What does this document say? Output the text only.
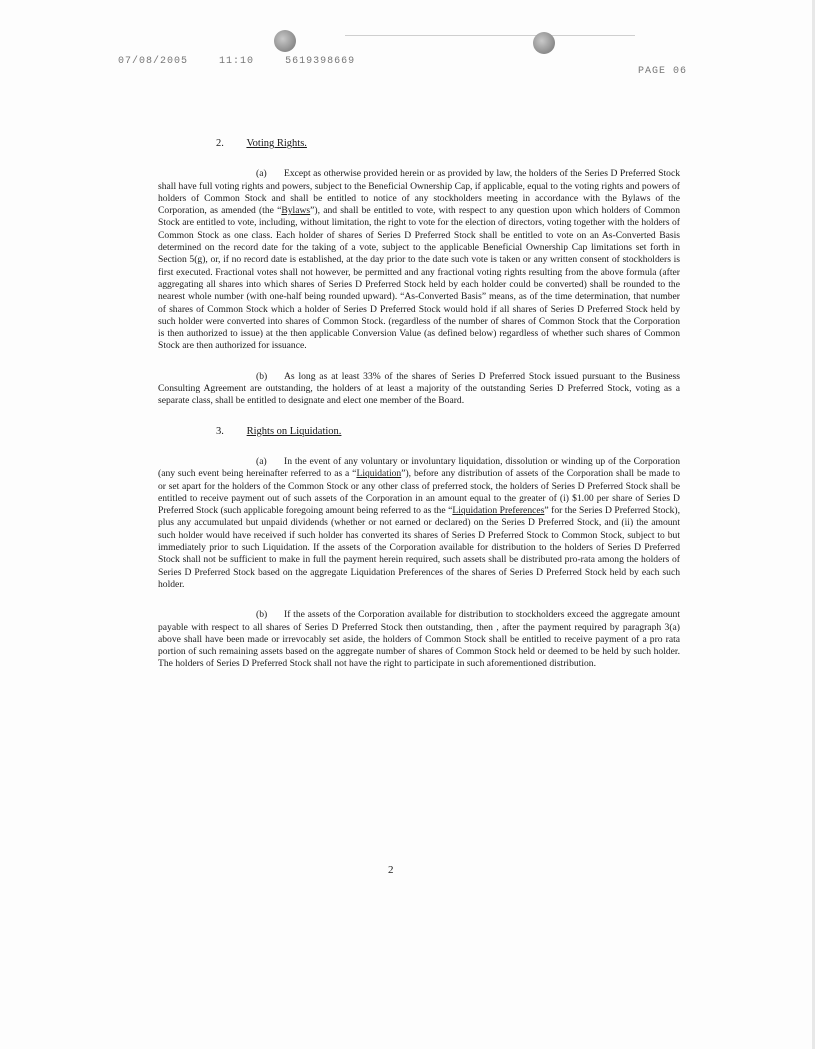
07/08/2005	11:10	5619398669
PAGE 06
2. Voting Rights.

(a) Except as otherwise provided herein or as provided by law, the holders of the Series D Preferred Stock shall have full voting rights and powers, subject to the Beneficial Ownership Cap, if applicable, equal to the voting rights and powers of holders of Common Stock and shall be entitled to notice of any stockholders meeting in accordance with the Bylaws of the Corporation, as amended (the “Bylaws”), and shall be entitled to vote, with respect to any question upon which holders of Common Stock are entitled to vote, including, without limitation, the right to vote for the election of directors, voting together with the holders of Common Stock as one class. Each holder of shares of Series D Preferred Stock shall be entitled to vote on an As-Converted Basis determined on the record date for the taking of a vote, subject to the applicable Beneficial Ownership Cap limitations set forth in Section 5(g), or, if no record date is established, at the day prior to the date such vote is taken or any written consent of stockholders is first executed. Fractional votes shall not however, be permitted and any fractional voting rights resulting from the above formula (after aggregating all shares into which shares of Series D Preferred Stock held by each holder could be converted) shall be rounded to the nearest whole number (with one-half being rounded upward). “As-Converted Basis” means, as of the time determination, that number of shares of Common Stock which a holder of Series D Preferred Stock would hold if all shares of Series D Preferred Stock held by such holder were converted into shares of Common Stock. (regardless of the number of shares of Common Stock that the Corporation is then authorized to issue) at the then applicable Conversion Value (as defined below) regardless of whether such shares of Common Stock are then authorized for issuance.

(b) As long as at least 33% of the shares of Series D Preferred Stock issued pursuant to the Business Consulting Agreement are outstanding, the holders of at least a majority of the outstanding Series D Preferred Stock, voting as a separate class, shall be entitled to designate and elect one member of the Board.

3. Rights on Liquidation.

(a) In the event of any voluntary or involuntary liquidation, dissolution or winding up of the Corporation (any such event being hereinafter referred to as a “Liquidation”), before any distribution of assets of the Corporation shall be made to or set apart for the holders of the Common Stock or any other class of preferred stock, the holders of Series D Preferred Stock shall be entitled to receive payment out of such assets of the Corporation in an amount equal to the greater of (i) $1.00 per share of Series D Preferred Stock (such applicable foregoing amount being referred to as the “Liquidation Preferences” for the Series D Preferred Stock), plus any accumulated but unpaid dividends (whether or not earned or declared) on the Series D Preferred Stock, and (ii) the amount such holder would have received if such holder has converted its shares of Series D Preferred Stock to Common Stock, subject to but immediately prior to such Liquidation. If the assets of the Corporation available for distribution to the holders of Series D Preferred Stock shall not be sufficient to make in full the payment herein required, such assets shall be distributed pro-rata among the holders of Series D Preferred Stock based on the aggregate Liquidation Preferences of the shares of Series D Preferred Stock held by each such holder.

(b) If the assets of the Corporation available for distribution to stockholders exceed the aggregate amount payable with respect to all shares of Series D Preferred Stock then outstanding, then , after the payment required by paragraph 3(a) above shall have been made or irrevocably set aside, the holders of Common Stock shall be entitled to receive payment of a pro rata portion of such remaining assets based on the aggregate number of shares of Common Stock held or deemed to be held by such holder. The holders of Series D Preferred Stock shall not have the right to participate in such aforementioned distribution.

2
